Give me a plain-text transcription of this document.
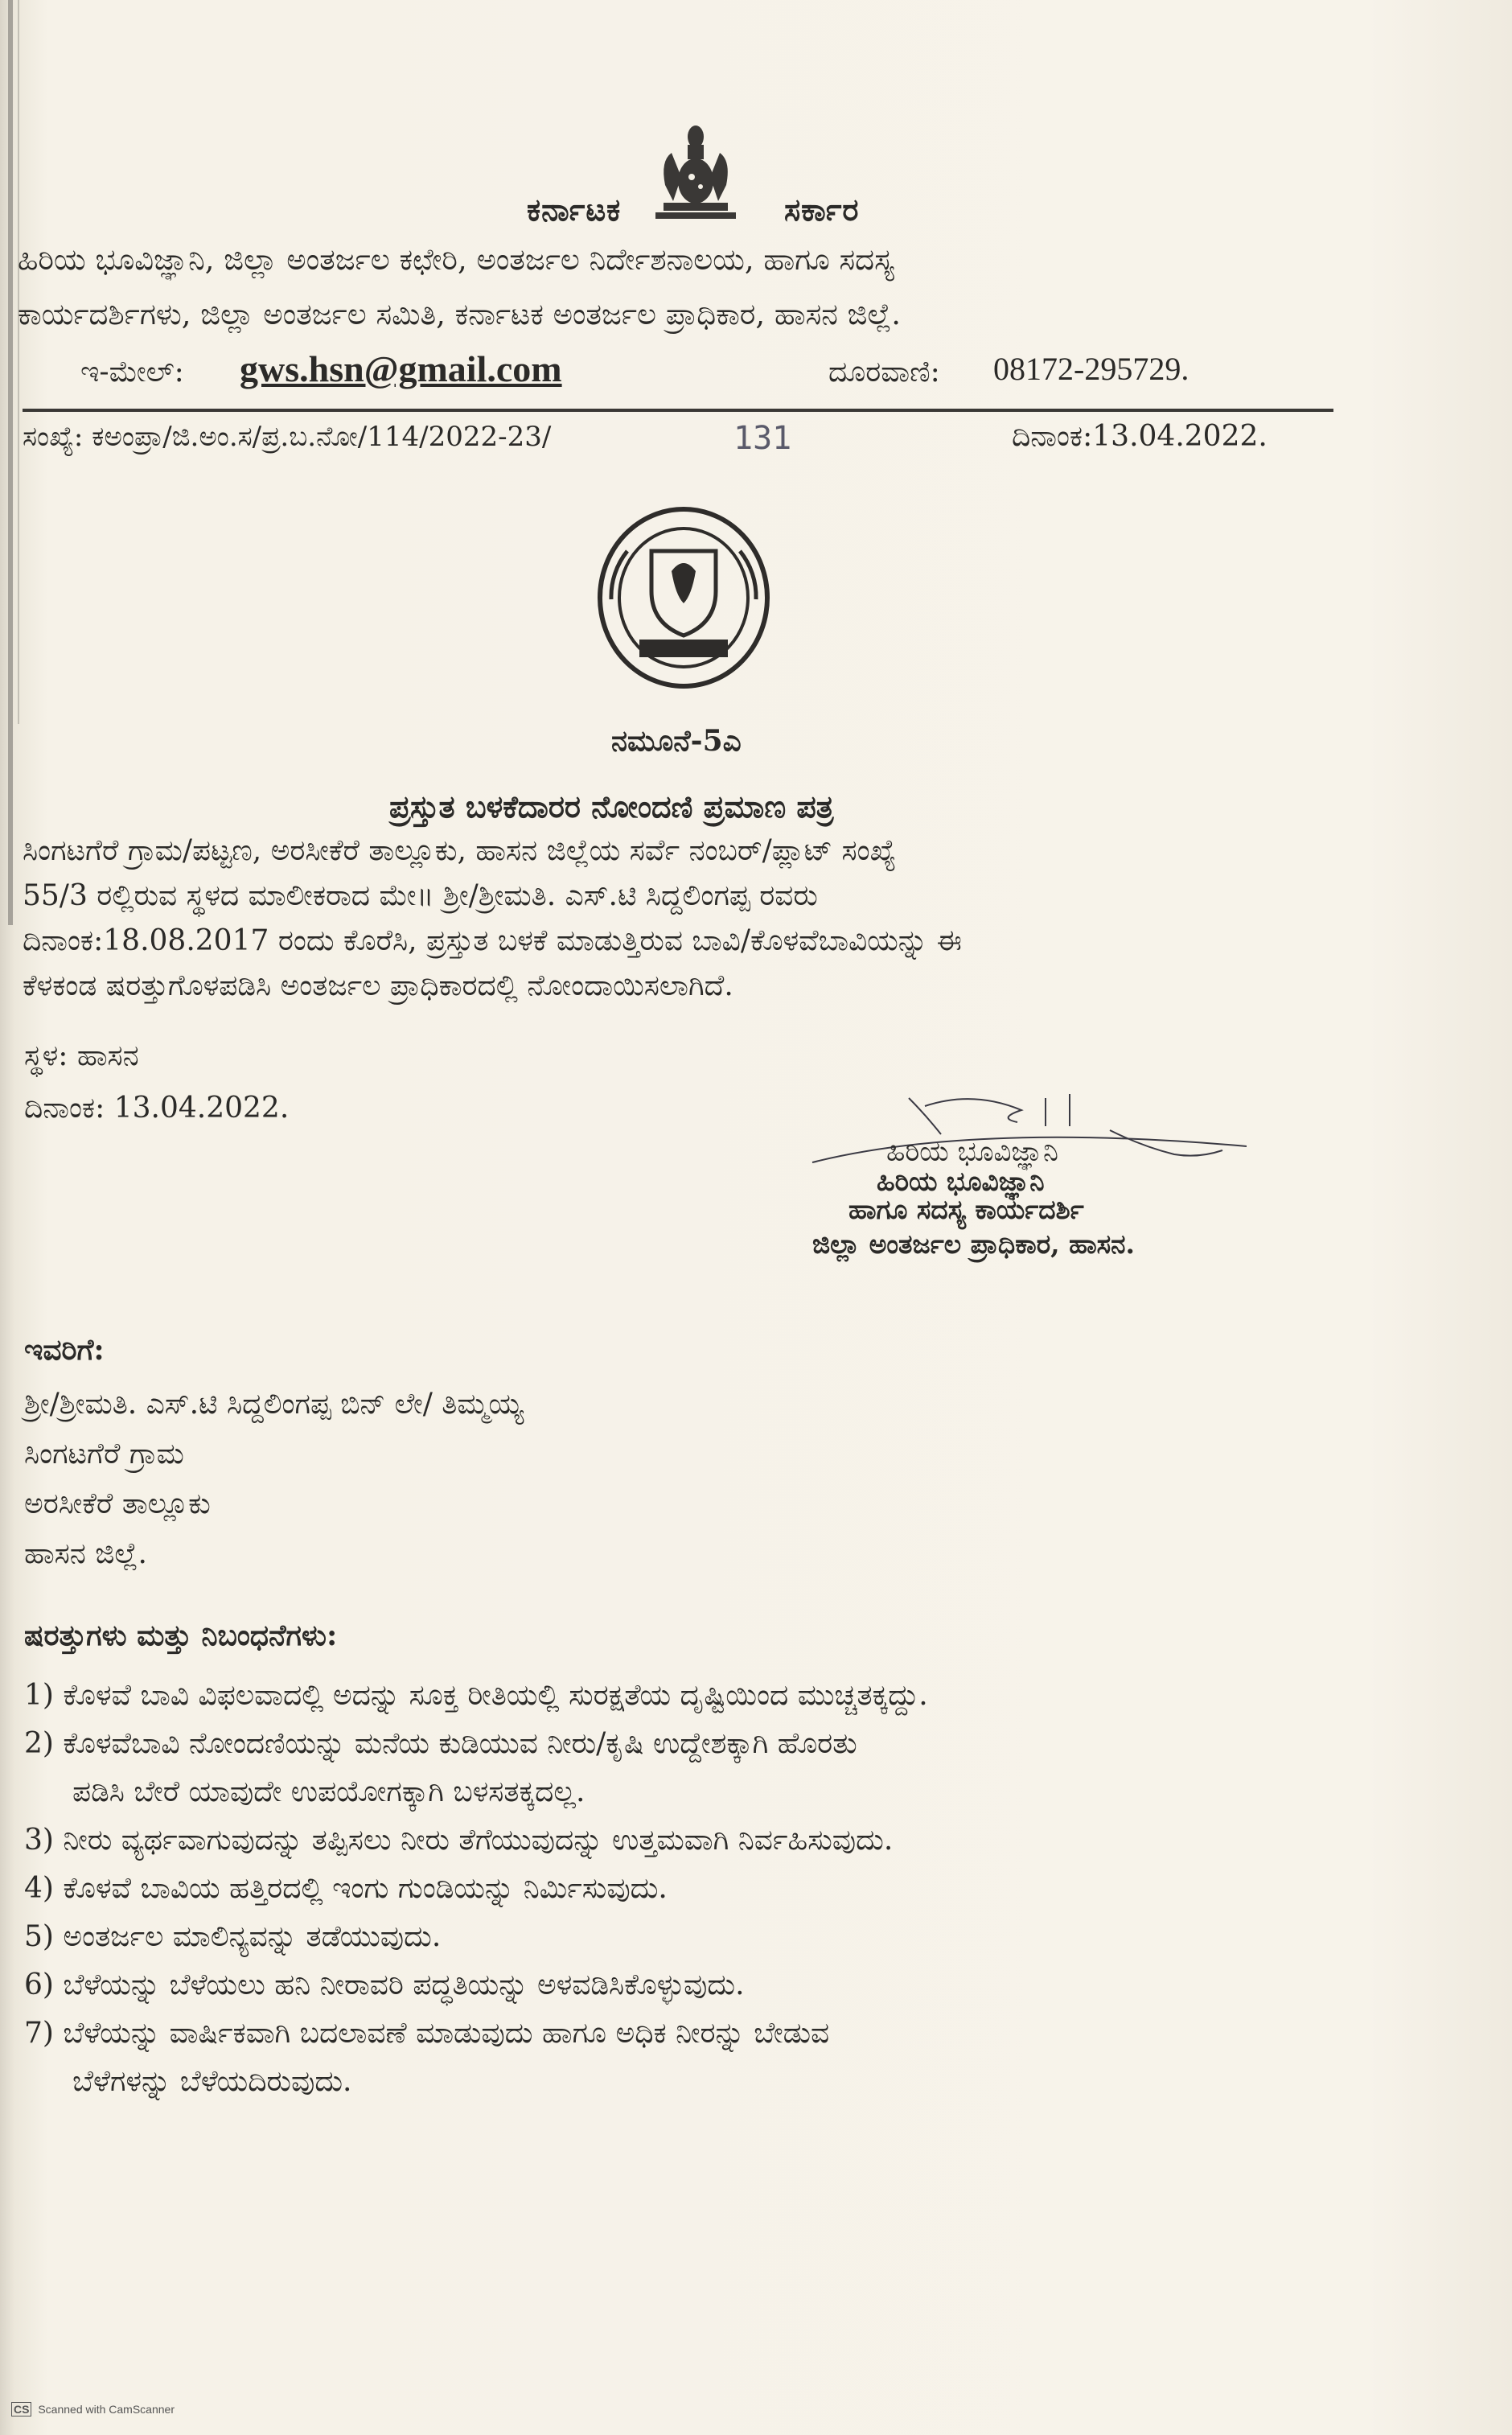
ಕರ್ನಾಟಕ	ಸರ್ಕಾರ
ಹಿರಿಯ ಭೂವಿಜ್ಞಾನಿ, ಜಿಲ್ಲಾ ಅಂತರ್ಜಲ ಕಛೇರಿ, ಅಂತರ್ಜಲ ನಿರ್ದೇಶನಾಲಯ, ಹಾಗೂ ಸದಸ್ಯ
ಕಾರ್ಯದರ್ಶಿಗಳು, ಜಿಲ್ಲಾ ಅಂತರ್ಜಲ ಸಮಿತಿ, ಕರ್ನಾಟಕ ಅಂತರ್ಜಲ ಪ್ರಾಧಿಕಾರ, ಹಾಸನ ಜಿಲ್ಲೆ.
ಇ-ಮೇಲ್: gws.hsn@gmail.com	ದೂರವಾಣಿ: 08172-295729.
ಸಂಖ್ಯೆ: ಕಅಂಪ್ರಾ/ಜಿ.ಅಂ.ಸ/ಪ್ರ.ಬ.ನೋ/114/2022-23/	131	ದಿನಾಂಕ:13.04.2022.
ನಮೂನೆ-5ಎ
ಪ್ರಸ್ತುತ ಬಳಕೆದಾರರ ನೋಂದಣಿ ಪ್ರಮಾಣ ಪತ್ರ
ಸಿಂಗಟಗೆರೆ ಗ್ರಾಮ/ಪಟ್ಟಣ, ಅರಸೀಕೆರೆ ತಾಲ್ಲೂಕು, ಹಾಸನ ಜಿಲ್ಲೆಯ ಸರ್ವೆ ನಂಬರ್/ಪ್ಲಾಟ್ ಸಂಖ್ಯೆ
55/3 ರಲ್ಲಿರುವ ಸ್ಥಳದ ಮಾಲೀಕರಾದ ಮೇ॥ ಶ್ರೀ/ಶ್ರೀಮತಿ. ಎಸ್.ಟಿ ಸಿದ್ದಲಿಂಗಪ್ಪ ರವರು
ದಿನಾಂಕ:18.08.2017 ರಂದು ಕೊರೆಸಿ, ಪ್ರಸ್ತುತ ಬಳಕೆ ಮಾಡುತ್ತಿರುವ ಬಾವಿ/ಕೊಳವೆಬಾವಿಯನ್ನು ಈ
ಕೆಳಕಂಡ ಷರತ್ತುಗೊಳಪಡಿಸಿ ಅಂತರ್ಜಲ ಪ್ರಾಧಿಕಾರದಲ್ಲಿ ನೋಂದಾಯಿಸಲಾಗಿದೆ.
ಸ್ಥಳ: ಹಾಸನ
ದಿನಾಂಕ: 13.04.2022.
ಹಿರಿಯ ಭೂವಿಜ್ಞಾನಿ
ಹಿರಿಯ ಭೂವಿಜ್ಞಾನಿ
ಹಾಗೂ ಸದಸ್ಯ ಕಾರ್ಯದರ್ಶಿ
ಜಿಲ್ಲಾ ಅಂತರ್ಜಲ ಪ್ರಾಧಿಕಾರ, ಹಾಸನ.
ಇವರಿಗೆ:
ಶ್ರೀ/ಶ್ರೀಮತಿ. ಎಸ್.ಟಿ ಸಿದ್ದಲಿಂಗಪ್ಪ ಬಿನ್ ಲೇ/ ತಿಮ್ಮಯ್ಯ
ಸಿಂಗಟಗೆರೆ ಗ್ರಾಮ
ಅರಸೀಕೆರೆ ತಾಲ್ಲೂಕು
ಹಾಸನ ಜಿಲ್ಲೆ.
ಷರತ್ತುಗಳು ಮತ್ತು ನಿಬಂಧನೆಗಳು:
1) ಕೊಳವೆ ಬಾವಿ ವಿಫಲವಾದಲ್ಲಿ ಅದನ್ನು ಸೂಕ್ತ ರೀತಿಯಲ್ಲಿ ಸುರಕ್ಷತೆಯ ದೃಷ್ಟಿಯಿಂದ ಮುಚ್ಚತಕ್ಕದ್ದು.
2) ಕೊಳವೆಬಾವಿ ನೋಂದಣಿಯನ್ನು ಮನೆಯ ಕುಡಿಯುವ ನೀರು/ಕೃಷಿ ಉದ್ದೇಶಕ್ಕಾಗಿ ಹೊರತು
ಪಡಿಸಿ ಬೇರೆ ಯಾವುದೇ ಉಪಯೋಗಕ್ಕಾಗಿ ಬಳಸತಕ್ಕದಲ್ಲ.
3) ನೀರು ವ್ಯರ್ಥವಾಗುವುದನ್ನು ತಪ್ಪಿಸಲು ನೀರು ತೆಗೆಯುವುದನ್ನು ಉತ್ತಮವಾಗಿ ನಿರ್ವಹಿಸುವುದು.
4) ಕೊಳವೆ ಬಾವಿಯ ಹತ್ತಿರದಲ್ಲಿ ಇಂಗು ಗುಂಡಿಯನ್ನು ನಿರ್ಮಿಸುವುದು.
5) ಅಂತರ್ಜಲ ಮಾಲಿನ್ಯವನ್ನು ತಡೆಯುವುದು.
6) ಬೆಳೆಯನ್ನು ಬೆಳೆಯಲು ಹನಿ ನೀರಾವರಿ ಪದ್ಧತಿಯನ್ನು ಅಳವಡಿಸಿಕೊಳ್ಳುವುದು.
7) ಬೆಳೆಯನ್ನು ವಾರ್ಷಿಕವಾಗಿ ಬದಲಾವಣೆ ಮಾಡುವುದು ಹಾಗೂ ಅಧಿಕ ನೀರನ್ನು ಬೇಡುವ
ಬೆಳೆಗಳನ್ನು ಬೆಳೆಯದಿರುವುದು.
CS Scanned with CamScanner
